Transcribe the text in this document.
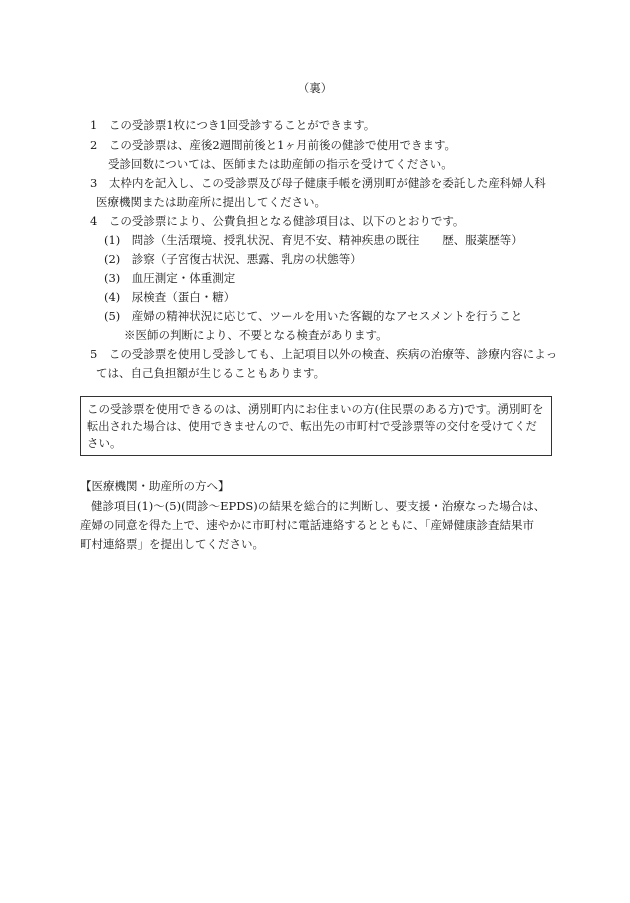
（裏）
1　この受診票1枚につき1回受診することができます。
2　この受診票は、産後2週間前後と1ヶ月前後の健診で使用できます。
受診回数については、医師または助産師の指示を受けてください。
3　太枠内を記入し、この受診票及び母子健康手帳を湧別町が健診を委託した産科婦人科
医療機関または助産所に提出してください。
4　この受診票により、公費負担となる健診項目は、以下のとおりです。
(1)　問診（生活環境、授乳状況、育児不安、精神疾患の既往　　歴、服薬歴等）
(2)　診察（子宮復古状況、悪露、乳房の状態等）
(3)　血圧測定・体重測定
(4)　尿検査（蛋白・糖）
(5)　産婦の精神状況に応じて、ツールを用いた客観的なアセスメントを行うこと
※医師の判断により、不要となる検査があります。
5　この受診票を使用し受診しても、上記項目以外の検査、疾病の治療等、診療内容によっ
ては、自己負担額が生じることもあります。
この受診票を使用できるのは、湧別町内にお住まいの方(住民票のある方)です。湧別町を
転出された場合は、使用できませんので、転出先の市町村で受診票等の交付を受けてくだ
さい。
【医療機関・助産所の方へ】
健診項目(1)～(5)(問診～EPDS)の結果を総合的に判断し、要支援・治療なった場合は、
産婦の同意を得た上で、速やかに市町村に電話連絡するとともに、「産婦健康診査結果市
町村連絡票」を提出してください。
